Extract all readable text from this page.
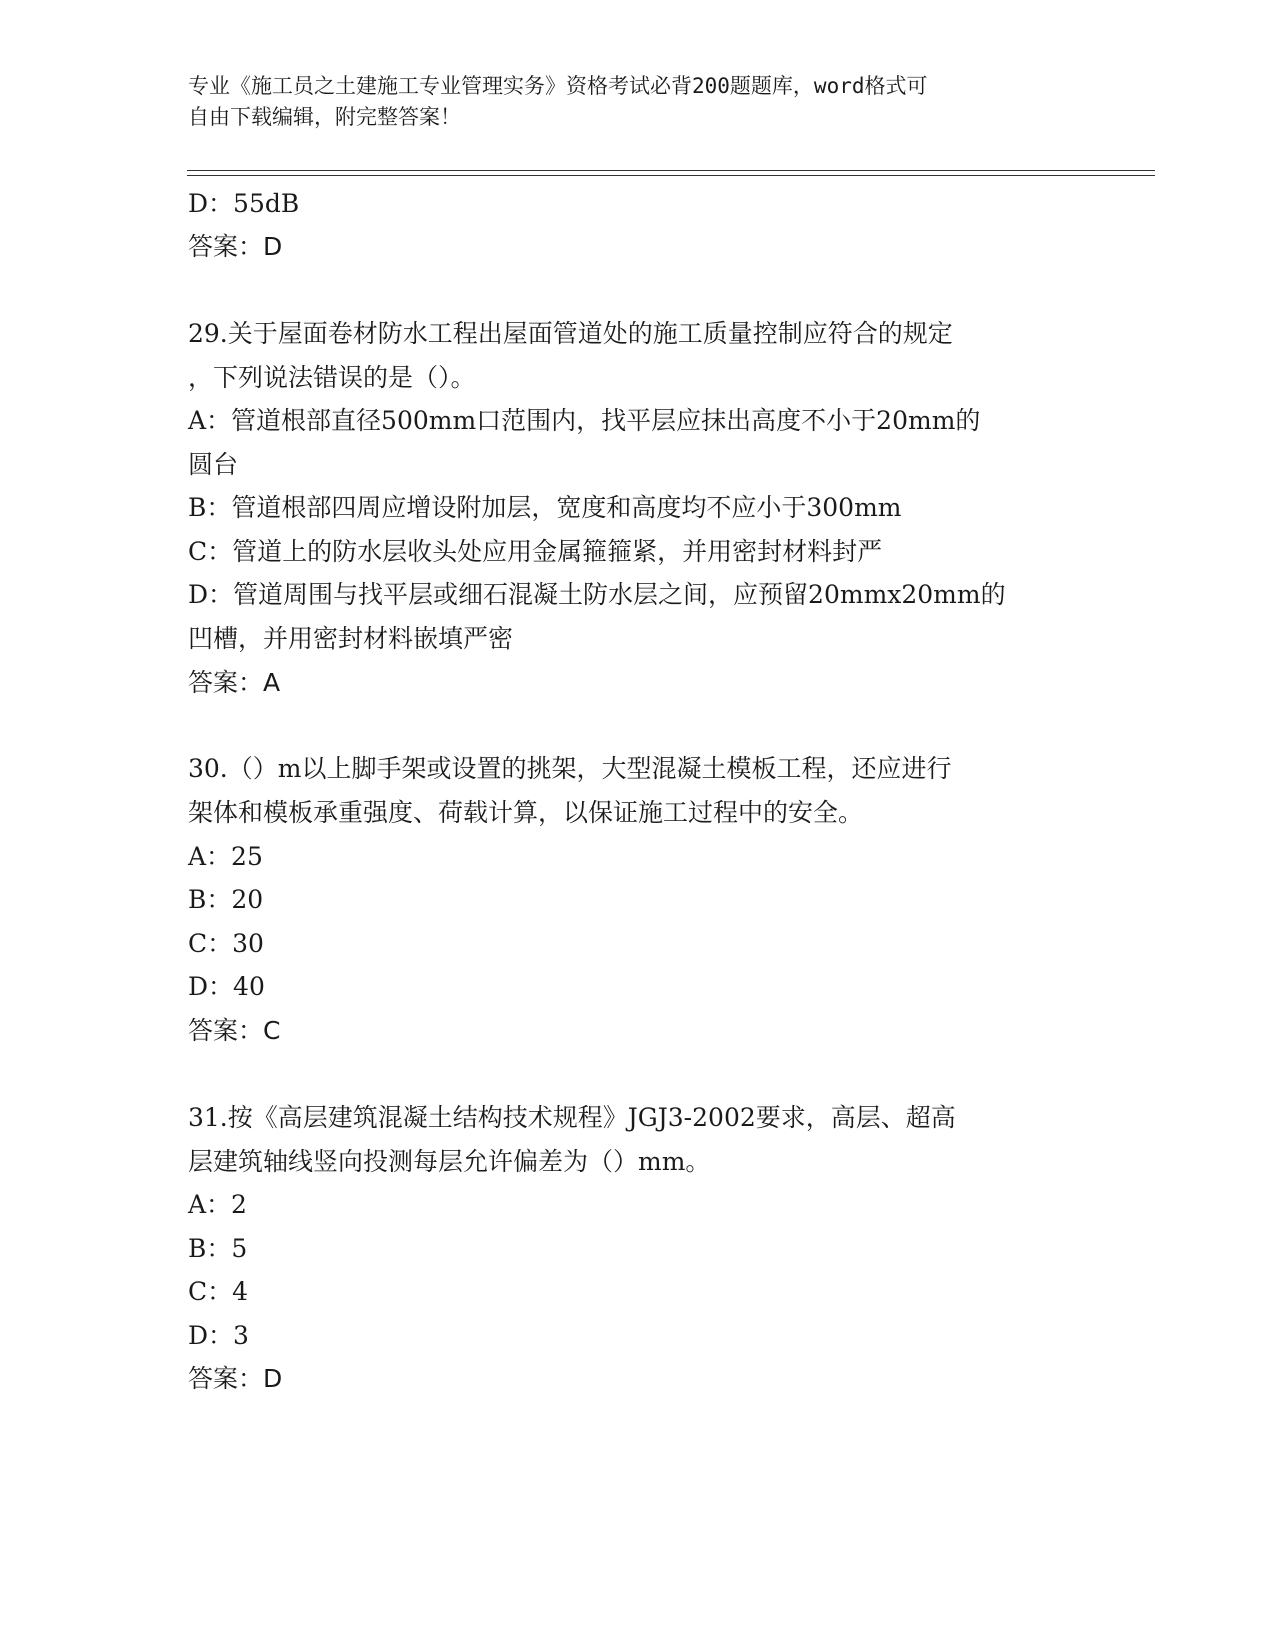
专业《施工员之土建施工专业管理实务》资格考试必背200题题库，word格式可
自由下载编辑，附完整答案！
D：55dB
答案：D
29.关于屋面卷材防水工程出屋面管道处的施工质量控制应符合的规定
，下列说法错误的是（）。
A：管道根部直径500mm口范围内，找平层应抹出高度不小于20mm的
圆台
B：管道根部四周应增设附加层，宽度和高度均不应小于300mm
C：管道上的防水层收头处应用金属箍箍紧，并用密封材料封严
D：管道周围与找平层或细石混凝土防水层之间，应预留20mmx20mm的
凹槽，并用密封材料嵌填严密
答案：A
30.（）m以上脚手架或设置的挑架，大型混凝土模板工程，还应进行
架体和模板承重强度、荷载计算，以保证施工过程中的安全。
A：25
B：20
C：30
D：40
答案：C
31.按《高层建筑混凝土结构技术规程》JGJ3-2002要求，高层、超高
层建筑轴线竖向投测每层允许偏差为（）mm。
A：2
B：5
C：4
D：3
答案：D
